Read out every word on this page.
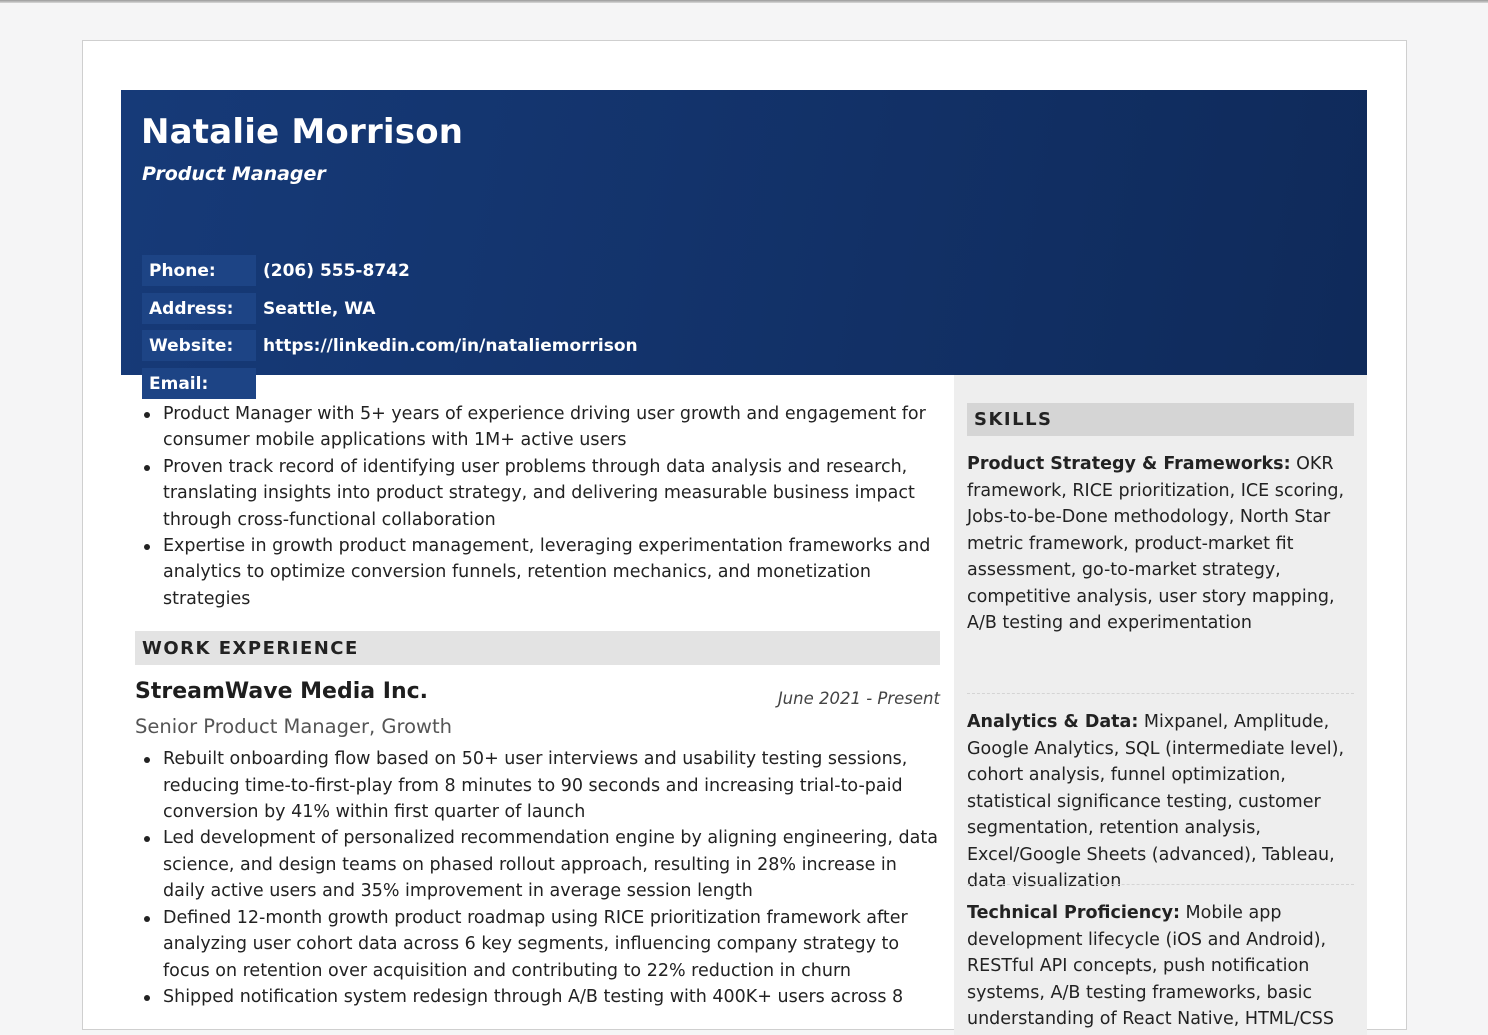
Natalie Morrison
Product Manager
Phone:	(206) 555-8742
Address:	Seattle, WA
Website:	https://linkedin.com/in/nataliemorrison
Email:	natalie.morrison@email.com
Product Manager with 5+ years of experience driving user growth and engagement for consumer mobile applications with 1M+ active users
Proven track record of identifying user problems through data analysis and research, translating insights into product strategy, and delivering measurable business impact through cross-functional collaboration
Expertise in growth product management, leveraging experimentation frameworks and analytics to optimize conversion funnels, retention mechanics, and monetization strategies
WORK EXPERIENCE
StreamWave Media Inc.	June 2021 - Present
Senior Product Manager, Growth
Rebuilt onboarding flow based on 50+ user interviews and usability testing sessions, reducing time-to-first-play from 8 minutes to 90 seconds and increasing trial-to-paid conversion by 41% within first quarter of launch
Led development of personalized recommendation engine by aligning engineering, data science, and design teams on phased rollout approach, resulting in 28% increase in daily active users and 35% improvement in average session length
Defined 12-month growth product roadmap using RICE prioritization framework after analyzing user cohort data across 6 key segments, influencing company strategy to focus on retention over acquisition and contributing to 22% reduction in churn
Shipped notification system redesign through A/B testing with 400K+ users across 8
SKILLS
Product Strategy & Frameworks: OKR framework, RICE prioritization, ICE scoring, Jobs-to-be-Done methodology, North Star metric framework, product-market fit assessment, go-to-market strategy, competitive analysis, user story mapping, A/B testing and experimentation
Analytics & Data: Mixpanel, Amplitude, Google Analytics, SQL (intermediate level), cohort analysis, funnel optimization, statistical significance testing, customer segmentation, retention analysis, Excel/Google Sheets (advanced), Tableau, data visualization
Technical Proficiency: Mobile app development lifecycle (iOS and Android), RESTful API concepts, push notification systems, A/B testing frameworks, basic understanding of React Native, HTML/CSS
